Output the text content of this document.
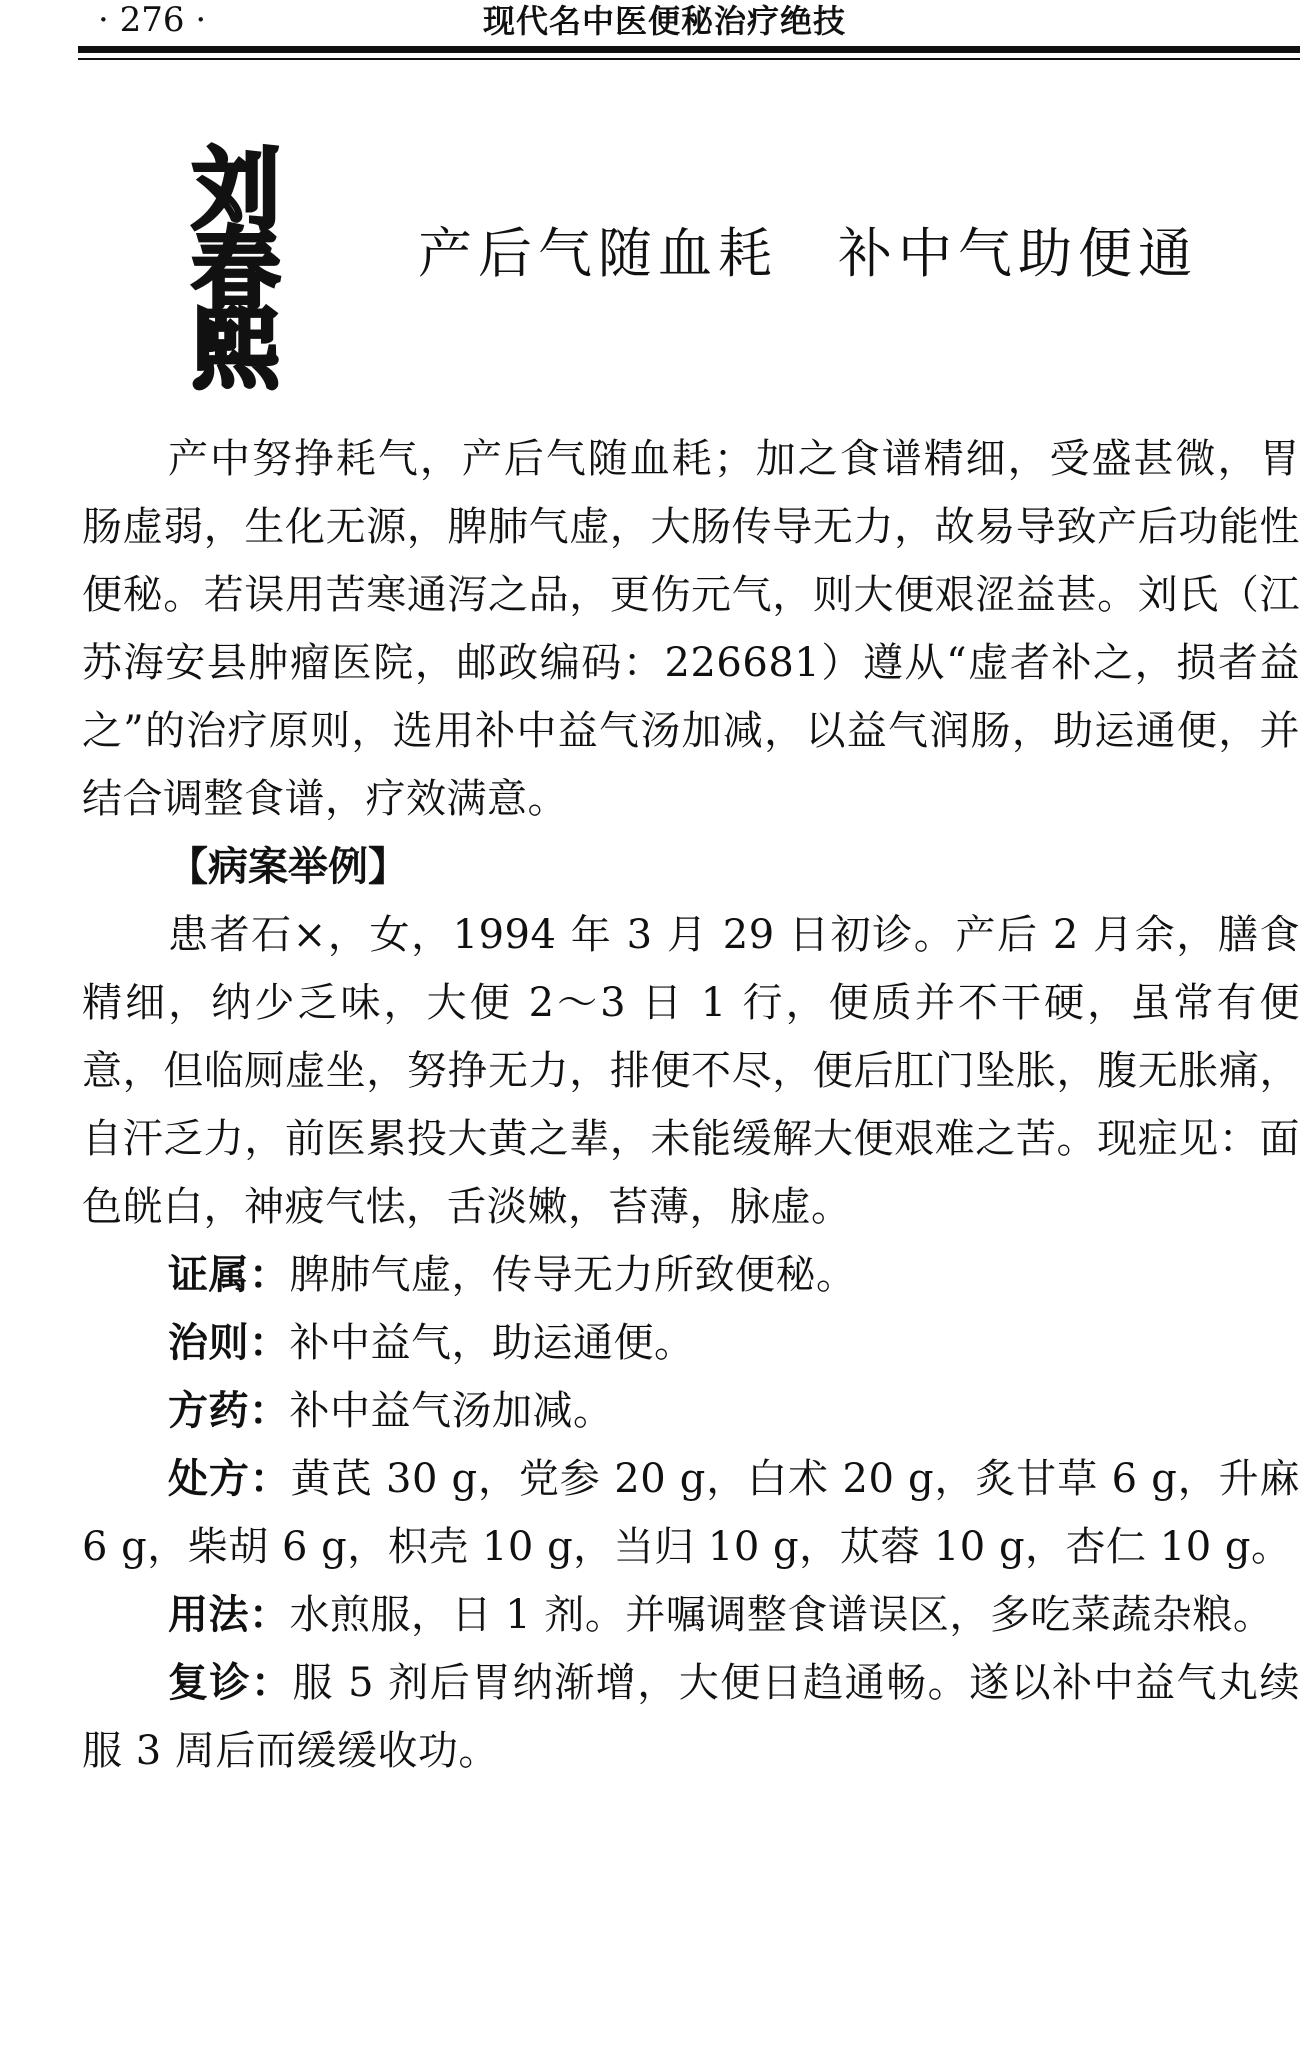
· 276 ·	现代名中医便秘治疗绝技
刘
春
熙
产后气随血耗　补中气助便通

产中努挣耗气，产后气随血耗；加之食谱精细，受盛甚微，胃肠虚弱，生化无源，脾肺气虚，大肠传导无力，故易导致产后功能性便秘。若误用苦寒通泻之品，更伤元气，则大便艰涩益甚。刘氏（江苏海安县肿瘤医院，邮政编码：226681）遵从“虚者补之，损者益之”的治疗原则，选用补中益气汤加减，以益气润肠，助运通便，并结合调整食谱，疗效满意。

【病案举例】

患者石×，女，1994 年 3 月 29 日初诊。产后 2 月余，膳食精细，纳少乏味，大便 2～3 日 1 行，便质并不干硬，虽常有便意，但临厕虚坐，努挣无力，排便不尽，便后肛门坠胀，腹无胀痛，自汗乏力，前医累投大黄之辈，未能缓解大便艰难之苦。现症见：面色㿠白，神疲气怯，舌淡嫩，苔薄，脉虚。

证属：脾肺气虚，传导无力所致便秘。

治则：补中益气，助运通便。

方药：补中益气汤加减。

处方：黄芪 30 g，党参 20 g，白术 20 g，炙甘草 6 g，升麻 6 g，柴胡 6 g，枳壳 10 g，当归 10 g，苁蓉 10 g，杏仁 10 g。

用法：水煎服，日 1 剂。并嘱调整食谱误区，多吃菜蔬杂粮。

复诊：服 5 剂后胃纳渐增，大便日趋通畅。遂以补中益气丸续服 3 周后而缓缓收功。
